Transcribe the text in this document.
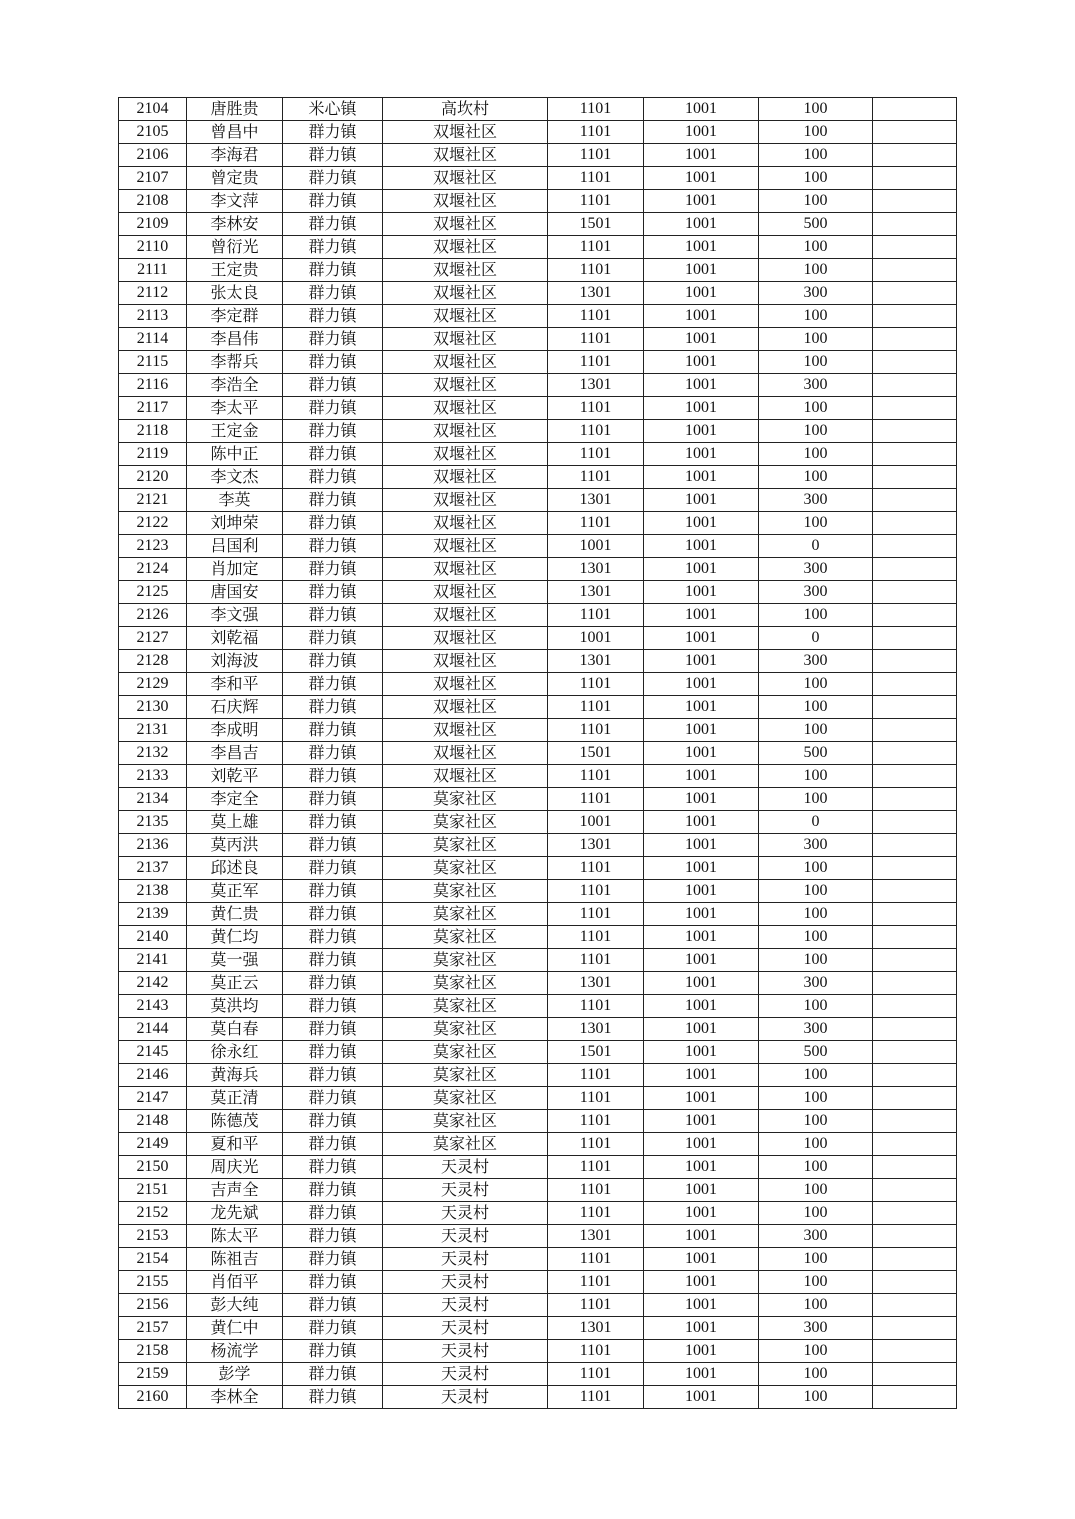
2104	唐胜贵	米心镇	高坎村	1101	1001	100	
2105	曾昌中	群力镇	双堰社区	1101	1001	100	
2106	李海君	群力镇	双堰社区	1101	1001	100	
2107	曾定贵	群力镇	双堰社区	1101	1001	100	
2108	李文萍	群力镇	双堰社区	1101	1001	100	
2109	李林安	群力镇	双堰社区	1501	1001	500	
2110	曾衍光	群力镇	双堰社区	1101	1001	100	
2111	王定贵	群力镇	双堰社区	1101	1001	100	
2112	张太良	群力镇	双堰社区	1301	1001	300	
2113	李定群	群力镇	双堰社区	1101	1001	100	
2114	李昌伟	群力镇	双堰社区	1101	1001	100	
2115	李帮兵	群力镇	双堰社区	1101	1001	100	
2116	李浩全	群力镇	双堰社区	1301	1001	300	
2117	李太平	群力镇	双堰社区	1101	1001	100	
2118	王定金	群力镇	双堰社区	1101	1001	100	
2119	陈中正	群力镇	双堰社区	1101	1001	100	
2120	李文杰	群力镇	双堰社区	1101	1001	100	
2121	李英	群力镇	双堰社区	1301	1001	300	
2122	刘坤荣	群力镇	双堰社区	1101	1001	100	
2123	吕国利	群力镇	双堰社区	1001	1001	0	
2124	肖加定	群力镇	双堰社区	1301	1001	300	
2125	唐国安	群力镇	双堰社区	1301	1001	300	
2126	李文强	群力镇	双堰社区	1101	1001	100	
2127	刘乾福	群力镇	双堰社区	1001	1001	0	
2128	刘海波	群力镇	双堰社区	1301	1001	300	
2129	李和平	群力镇	双堰社区	1101	1001	100	
2130	石庆辉	群力镇	双堰社区	1101	1001	100	
2131	李成明	群力镇	双堰社区	1101	1001	100	
2132	李昌吉	群力镇	双堰社区	1501	1001	500	
2133	刘乾平	群力镇	双堰社区	1101	1001	100	
2134	李定全	群力镇	莫家社区	1101	1001	100	
2135	莫上雄	群力镇	莫家社区	1001	1001	0	
2136	莫丙洪	群力镇	莫家社区	1301	1001	300	
2137	邱述良	群力镇	莫家社区	1101	1001	100	
2138	莫正军	群力镇	莫家社区	1101	1001	100	
2139	黄仁贵	群力镇	莫家社区	1101	1001	100	
2140	黄仁均	群力镇	莫家社区	1101	1001	100	
2141	莫一强	群力镇	莫家社区	1101	1001	100	
2142	莫正云	群力镇	莫家社区	1301	1001	300	
2143	莫洪均	群力镇	莫家社区	1101	1001	100	
2144	莫白春	群力镇	莫家社区	1301	1001	300	
2145	徐永红	群力镇	莫家社区	1501	1001	500	
2146	黄海兵	群力镇	莫家社区	1101	1001	100	
2147	莫正清	群力镇	莫家社区	1101	1001	100	
2148	陈德茂	群力镇	莫家社区	1101	1001	100	
2149	夏和平	群力镇	莫家社区	1101	1001	100	
2150	周庆光	群力镇	天灵村	1101	1001	100	
2151	吉声全	群力镇	天灵村	1101	1001	100	
2152	龙先斌	群力镇	天灵村	1101	1001	100	
2153	陈太平	群力镇	天灵村	1301	1001	300	
2154	陈祖吉	群力镇	天灵村	1101	1001	100	
2155	肖佰平	群力镇	天灵村	1101	1001	100	
2156	彭大纯	群力镇	天灵村	1101	1001	100	
2157	黄仁中	群力镇	天灵村	1301	1001	300	
2158	杨流学	群力镇	天灵村	1101	1001	100	
2159	彭学	群力镇	天灵村	1101	1001	100	
2160	李林全	群力镇	天灵村	1101	1001	100	
